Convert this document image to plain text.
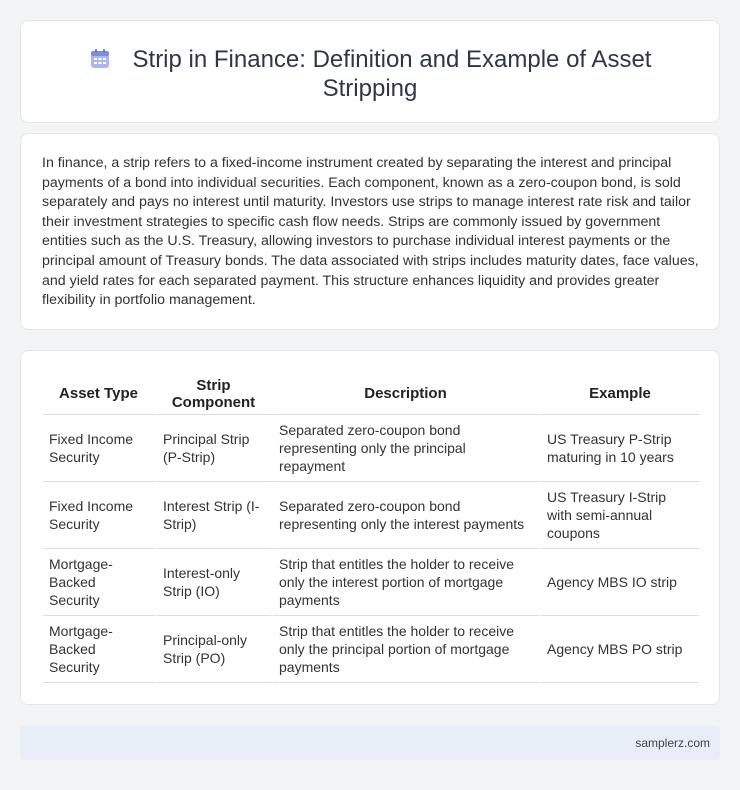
Strip in Finance: Definition and Example of Asset Stripping

In finance, a strip refers to a fixed-income instrument created by separating the interest and principal payments of a bond into individual securities. Each component, known as a zero-coupon bond, is sold separately and pays no interest until maturity. Investors use strips to manage interest rate risk and tailor their investment strategies to specific cash flow needs. Strips are commonly issued by government entities such as the U.S. Treasury, allowing investors to purchase individual interest payments or the principal amount of Treasury bonds. The data associated with strips includes maturity dates, face values, and yield rates for each separated payment. This structure enhances liquidity and provides greater flexibility in portfolio management.

Asset Type	Strip Component	Description	Example
Fixed Income Security	Principal Strip (P-Strip)	Separated zero-coupon bond representing only the principal repayment	US Treasury P-Strip maturing in 10 years
Fixed Income Security	Interest Strip (I-Strip)	Separated zero-coupon bond representing only the interest payments	US Treasury I-Strip with semi-annual coupons
Mortgage-Backed Security	Interest-only Strip (IO)	Strip that entitles the holder to receive only the interest portion of mortgage payments	Agency MBS IO strip
Mortgage-Backed Security	Principal-only Strip (PO)	Strip that entitles the holder to receive only the principal portion of mortgage payments	Agency MBS PO strip
samplerz.com
